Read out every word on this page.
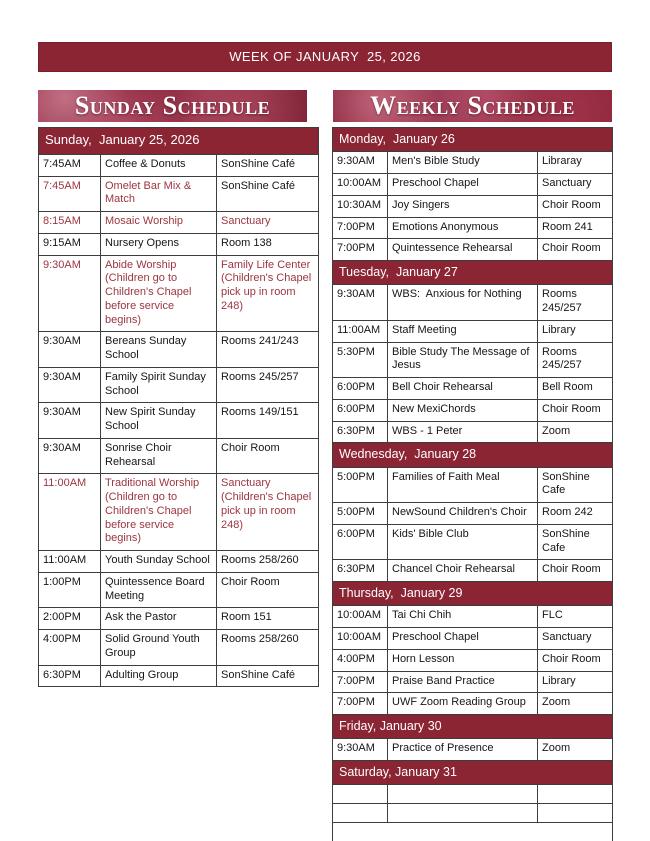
WEEK OF JANUARY  25, 2026
Sunday Schedule	Weekly Schedule
Sunday,  January 25, 2026		
7:45AM	Coffee & Donuts	SonShine Café
7:45AM	Omelet Bar Mix & Match	SonShine Café
8:15AM	Mosaic Worship	Sanctuary
9:15AM	Nursery Opens	Room 138
9:30AM	Abide Worship (Children go to Children's Chapel before service begins)	Family Life Center (Children's Chapel pick up in room 248)
9:30AM	Bereans Sunday School	Rooms 241/243
9:30AM	Family Spirit Sunday School	Rooms 245/257
9:30AM	New Spirit Sunday School	Rooms 149/151
9:30AM	Sonrise Choir Rehearsal	Choir Room
11:00AM	Traditional Worship (Children go to Children's Chapel before service begins)	Sanctuary (Children's Chapel pick up in room 248)
11:00AM	Youth Sunday School	Rooms 258/260
1:00PM	Quintessence Board Meeting	Choir Room
2:00PM	Ask the Pastor	Room 151
4:00PM	Solid Ground Youth Group	Rooms 258/260
6:30PM	Adulting Group	SonShine Café
Monday,  January 26		
9:30AM	Men's Bible Study	Libraray
10:00AM	Preschool Chapel	Sanctuary
10:30AM	Joy Singers	Choir Room
7:00PM	Emotions Anonymous	Room 241
7:00PM	Quintessence Rehearsal	Choir Room
Tuesday,  January 27		
9:30AM	WBS:  Anxious for Nothing	Rooms 245/257
11:00AM	Staff Meeting	Library
5:30PM	Bible Study The Message of Jesus	Rooms 245/257
6:00PM	Bell Choir Rehearsal	Bell Room
6:00PM	New MexiChords	Choir Room
6:30PM	WBS - 1 Peter	Zoom
Wednesday,  January 28		
5:00PM	Families of Faith Meal	SonShine Cafe
5:00PM	NewSound Children's Choir	Room 242
6:00PM	Kids' Bible Club	SonShine Cafe
6:30PM	Chancel Choir Rehearsal	Choir Room
Thursday,  January 29		
10:00AM	Tai Chi Chih	FLC
10:00AM	Preschool Chapel	Sanctuary
4:00PM	Horn Lesson	Choir Room
7:00PM	Praise Band Practice	Library
7:00PM	UWF Zoom Reading Group	Zoom
Friday, January 30		
9:30AM	Practice of Presence	Zoom
Saturday, January 31		
